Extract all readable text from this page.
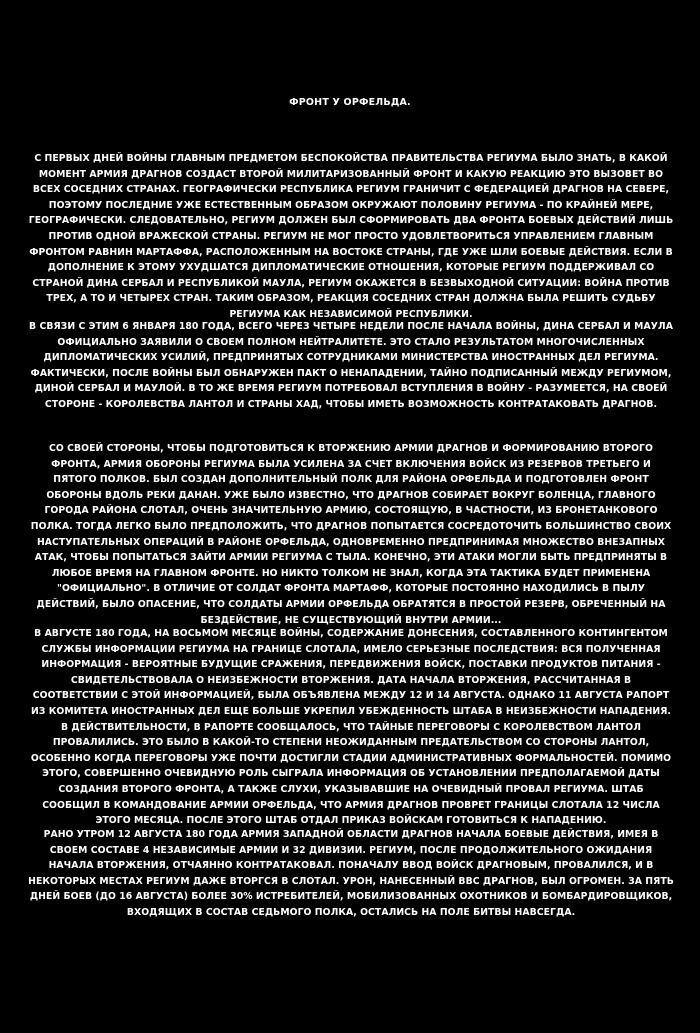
ФРОНТ У ОРФЕЛЬДА.
С ПЕРВЫХ ДНЕЙ ВОЙНЫ ГЛАВНЫМ ПРЕДМЕТОМ БЕСПОКОЙСТВА ПРАВИТЕЛЬСТВА РЕГИУМА БЫЛО ЗНАТЬ, В КАКОЙ МОМЕНТ АРМИЯ ДРАГНОВ СОЗДАСТ ВТОРОЙ МИЛИТАРИЗОВАННЫЙ ФРОНТ И КАКУЮ РЕАКЦИЮ ЭТО ВЫЗОВЕТ ВО ВСЕХ СОСЕДНИХ СТРАНАХ. ГЕОГРАФИЧЕСКИ РЕСПУБЛИКА РЕГИУМ ГРАНИЧИТ С ФЕДЕРАЦИЕЙ ДРАГНОВ НА СЕВЕРЕ, ПОЭТОМУ ПОСЛЕДНИЕ УЖЕ ЕСТЕСТВЕННЫМ ОБРАЗОМ ОКРУЖАЮТ ПОЛОВИНУ РЕГИУМА - ПО КРАЙНЕЙ МЕРЕ, ГЕОГРАФИЧЕСКИ. СЛЕДОВАТЕЛЬНО, РЕГИУМ ДОЛЖЕН БЫЛ СФОРМИРОВАТЬ ДВА ФРОНТА БОЕВЫХ ДЕЙСТВИЙ ЛИШЬ ПРОТИВ ОДНОЙ ВРАЖЕСКОЙ СТРАНЫ. РЕГИУМ НЕ МОГ ПРОСТО УДОВЛЕТВОРИТЬСЯ УПРАВЛЕНИЕМ ГЛАВНЫМ ФРОНТОМ РАВНИН МАРТАФФА, РАСПОЛОЖЕННЫМ НА ВОСТОКЕ СТРАНЫ, ГДЕ УЖЕ ШЛИ БОЕВЫЕ ДЕЙСТВИЯ. ЕСЛИ В ДОПОЛНЕНИЕ К ЭТОМУ УХУДШАТСЯ ДИПЛОМАТИЧЕСКИЕ ОТНОШЕНИЯ, КОТОРЫЕ РЕГИУМ ПОДДЕРЖИВАЛ СО СТРАНОЙ ДИНА СЕРБАЛ И РЕСПУБЛИКОЙ МАУЛА, РЕГИУМ ОКАЖЕТСЯ В БЕЗВЫХОДНОЙ СИТУАЦИИ: ВОЙНА ПРОТИВ ТРЕХ, А ТО И ЧЕТЫРЕХ СТРАН. ТАКИМ ОБРАЗОМ, РЕАКЦИЯ СОСЕДНИХ СТРАН ДОЛЖНА БЫЛА РЕШИТЬ СУДЬБУ РЕГИУМА КАК НЕЗАВИСИМОЙ РЕСПУБЛИКИ.
В СВЯЗИ С ЭТИМ 6 ЯНВАРЯ 180 ГОДА, ВСЕГО ЧЕРЕЗ ЧЕТЫРЕ НЕДЕЛИ ПОСЛЕ НАЧАЛА ВОЙНЫ, ДИНА СЕРБАЛ И МАУЛА ОФИЦИАЛЬНО ЗАЯВИЛИ О СВОЕМ ПОЛНОМ НЕЙТРАЛИТЕТЕ. ЭТО СТАЛО РЕЗУЛЬТАТОМ МНОГОЧИСЛЕННЫХ ДИПЛОМАТИЧЕСКИХ УСИЛИЙ, ПРЕДПРИНЯТЫХ СОТРУДНИКАМИ МИНИСТЕРСТВА ИНОСТРАННЫХ ДЕЛ РЕГИУМА. ФАКТИЧЕСКИ, ПОСЛЕ ВОЙНЫ БЫЛ ОБНАРУЖЕН ПАКТ О НЕНАПАДЕНИИ, ТАЙНО ПОДПИСАННЫЙ МЕЖДУ РЕГИУМОМ, ДИНОЙ СЕРБАЛ И МАУЛОЙ. В ТО ЖЕ ВРЕМЯ РЕГИУМ ПОТРЕБОВАЛ ВСТУПЛЕНИЯ В ВОЙНУ - РАЗУМЕЕТСЯ, НА СВОЕЙ СТОРОНЕ - КОРОЛЕВСТВА ЛАНТОЛ И СТРАНЫ ХАД, ЧТОБЫ ИМЕТЬ ВОЗМОЖНОСТЬ КОНТРАТАКОВАТЬ ДРАГНОВ.
СО СВОЕЙ СТОРОНЫ, ЧТОБЫ ПОДГОТОВИТЬСЯ К ВТОРЖЕНИЮ АРМИИ ДРАГНОВ И ФОРМИРОВАНИЮ ВТОРОГО ФРОНТА, АРМИЯ ОБОРОНЫ РЕГИУМА БЫЛА УСИЛЕНА ЗА СЧЕТ ВКЛЮЧЕНИЯ ВОЙСК ИЗ РЕЗЕРВОВ ТРЕТЬЕГО И ПЯТОГО ПОЛКОВ. БЫЛ СОЗДАН ДОПОЛНИТЕЛЬНЫЙ ПОЛК ДЛЯ РАЙОНА ОРФЕЛЬДА И ПОДГОТОВЛЕН ФРОНТ ОБОРОНЫ ВДОЛЬ РЕКИ ДАНАН. УЖЕ БЫЛО ИЗВЕСТНО, ЧТО ДРАГНОВ СОБИРАЕТ ВОКРУГ БОЛЕНЦА, ГЛАВНОГО ГОРОДА РАЙОНА СЛОТАЛ, ОЧЕНЬ ЗНАЧИТЕЛЬНУЮ АРМИЮ, СОСТОЯЩУЮ, В ЧАСТНОСТИ, ИЗ БРОНЕТАНКОВОГО ПОЛКА. ТОГДА ЛЕГКО БЫЛО ПРЕДПОЛОЖИТЬ, ЧТО ДРАГНОВ ПОПЫТАЕТСЯ СОСРЕДОТОЧИТЬ БОЛЬШИНСТВО СВОИХ НАСТУПАТЕЛЬНЫХ ОПЕРАЦИЙ В РАЙОНЕ ОРФЕЛЬДА, ОДНОВРЕМЕННО ПРЕДПРИНИМАЯ МНОЖЕСТВО ВНЕЗАПНЫХ АТАК, ЧТОБЫ ПОПЫТАТЬСЯ ЗАЙТИ АРМИИ РЕГИУМА С ТЫЛА. КОНЕЧНО, ЭТИ АТАКИ МОГЛИ БЫТЬ ПРЕДПРИНЯТЫ В ЛЮБОЕ ВРЕМЯ НА ГЛАВНОМ ФРОНТЕ. НО НИКТО ТОЛКОМ НЕ ЗНАЛ, КОГДА ЭТА ТАКТИКА БУДЕТ ПРИМЕНЕНА "ОФИЦИАЛЬНО". В ОТЛИЧИЕ ОТ СОЛДАТ ФРОНТА МАРТАФФ, КОТОРЫЕ ПОСТОЯННО НАХОДИЛИСЬ В ПЫЛУ ДЕЙСТВИЙ, БЫЛО ОПАСЕНИЕ, ЧТО СОЛДАТЫ АРМИИ ОРФЕЛЬДА ОБРАТЯТСЯ В ПРОСТОЙ РЕЗЕРВ, ОБРЕЧЕННЫЙ НА БЕЗДЕЙСТВИЕ, НЕ СУЩЕСТВУЮЩИЙ ВНУТРИ АРМИИ...
В АВГУСТЕ 180 ГОДА, НА ВОСЬМОМ МЕСЯЦЕ ВОЙНЫ, СОДЕРЖАНИЕ ДОНЕСЕНИЯ, СОСТАВЛЕННОГО КОНТИНГЕНТОМ СЛУЖБЫ ИНФОРМАЦИИ РЕГИУМА НА ГРАНИЦЕ СЛОТАЛА, ИМЕЛО СЕРЬЕЗНЫЕ ПОСЛЕДСТВИЯ: ВСЯ ПОЛУЧЕННАЯ ИНФОРМАЦИЯ - ВЕРОЯТНЫЕ БУДУЩИЕ СРАЖЕНИЯ, ПЕРЕДВИЖЕНИЯ ВОЙСК, ПОСТАВКИ ПРОДУКТОВ ПИТАНИЯ - СВИДЕТЕЛЬСТВОВАЛА О НЕИЗБЕЖНОСТИ ВТОРЖЕНИЯ. ДАТА НАЧАЛА ВТОРЖЕНИЯ, РАССЧИТАННАЯ В СООТВЕТСТВИИ С ЭТОЙ ИНФОРМАЦИЕЙ, БЫЛА ОБЪЯВЛЕНА МЕЖДУ 12 И 14 АВГУСТА. ОДНАКО 11 АВГУСТА РАПОРТ ИЗ КОМИТЕТА ИНОСТРАННЫХ ДЕЛ ЕЩЕ БОЛЬШЕ УКРЕПИЛ УБЕЖДЕННОСТЬ ШТАБА В НЕИЗБЕЖНОСТИ НАПАДЕНИЯ. В ДЕЙСТВИТЕЛЬНОСТИ, В РАПОРТЕ СООБЩАЛОСЬ, ЧТО ТАЙНЫЕ ПЕРЕГОВОРЫ С КОРОЛЕВСТВОМ ЛАНТОЛ ПРОВАЛИЛИСЬ. ЭТО БЫЛО В КАКОЙ-ТО СТЕПЕНИ НЕОЖИДАННЫМ ПРЕДАТЕЛЬСТВОМ СО СТОРОНЫ ЛАНТОЛ, ОСОБЕННО КОГДА ПЕРЕГОВОРЫ УЖЕ ПОЧТИ ДОСТИГЛИ СТАДИИ АДМИНИСТРАТИВНЫХ ФОРМАЛЬНОСТЕЙ. ПОМИМО ЭТОГО, СОВЕРШЕННО ОЧЕВИДНУЮ РОЛЬ СЫГРАЛА ИНФОРМАЦИЯ ОБ УСТАНОВЛЕНИИ ПРЕДПОЛАГАЕМОЙ ДАТЫ СОЗДАНИЯ ВТОРОГО ФРОНТА, А ТАКЖЕ СЛУХИ, УКАЗЫВАВШИЕ НА ОЧЕВИДНЫЙ ПРОВАЛ РЕГИУМА. ШТАБ СООБЩИЛ В КОМАНДОВАНИЕ АРМИИ ОРФЕЛЬДА, ЧТО АРМИЯ ДРАГНОВ ПРОВРЕТ ГРАНИЦЫ СЛОТАЛА 12 ЧИСЛА ЭТОГО МЕСЯЦА. ПОСЛЕ ЭТОГО ШТАБ ОТДАЛ ПРИКАЗ ВОЙСКАМ ГОТОВИТЬСЯ К НАПАДЕНИЮ.
РАНО УТРОМ 12 АВГУСТА 180 ГОДА АРМИЯ ЗАПАДНОЙ ОБЛАСТИ ДРАГНОВ НАЧАЛА БОЕВЫЕ ДЕЙСТВИЯ, ИМЕЯ В СВОЕМ СОСТАВЕ 4 НЕЗАВИСИМЫЕ АРМИИ И 32 ДИВИЗИИ. РЕГИУМ, ПОСЛЕ ПРОДОЛЖИТЕЛЬНОГО ОЖИДАНИЯ НАЧАЛА ВТОРЖЕНИЯ, ОТЧАЯННО КОНТРАТАКОВАЛ. ПОНАЧАЛУ ВВОД ВОЙСК ДРАГНОВЫМ, ПРОВАЛИЛСЯ, И В НЕКОТОРЫХ МЕСТАХ РЕГИУМ ДАЖЕ ВТОРГСЯ В СЛОТАЛ. УРОН, НАНЕСЕННЫЙ ВВС ДРАГНОВ, БЫЛ ОГРОМЕН. ЗА ПЯТЬ ДНЕЙ БОЕВ (ДО 16 АВГУСТА) БОЛЕЕ 30% ИСТРЕБИТЕЛЕЙ, МОБИЛИЗОВАННЫХ ОХОТНИКОВ И БОМБАРДИРОВЩИКОВ, ВХОДЯЩИХ В СОСТАВ СЕДЬМОГО ПОЛКА, ОСТАЛИСЬ НА ПОЛЕ БИТВЫ НАВСЕГДА.
